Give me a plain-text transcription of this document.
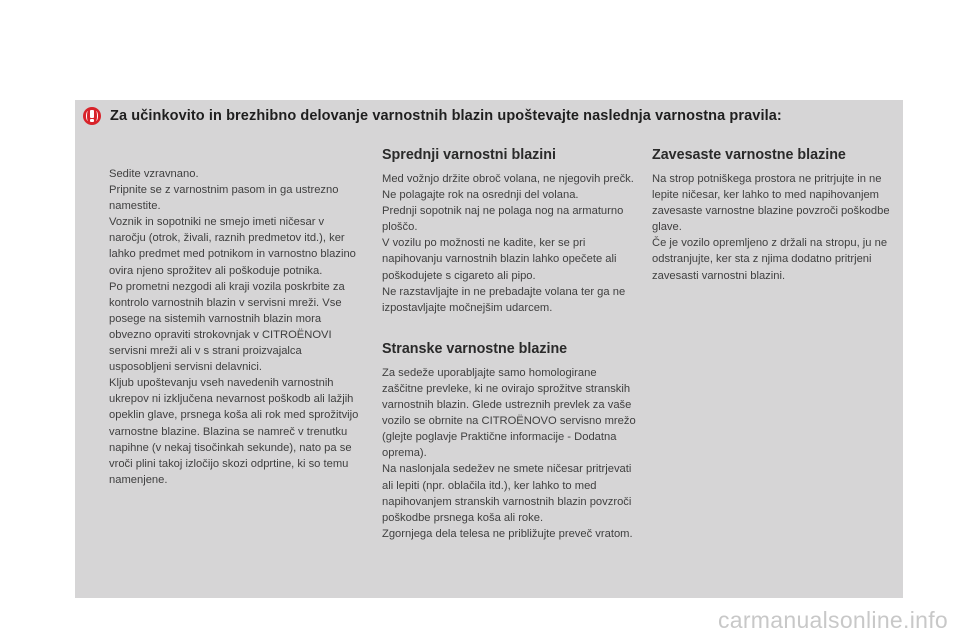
Za učinkovito in brezhibno delovanje varnostnih blazin upoštevajte naslednja varnostna pravila:

Sedite vzravnano.

Pripnite se z varnostnim pasom in ga ustrezno namestite.

Voznik in sopotniki ne smejo imeti ničesar v naročju (otrok, živali, raznih predmetov itd.), ker lahko predmet med potnikom in varnostno blazino ovira njeno sprožitev ali poškoduje potnika.

Po prometni nezgodi ali kraji vozila poskrbite za kontrolo varnostnih blazin v servisni mreži. Vse posege na sistemih varnostnih blazin mora obvezno opraviti strokovnjak v CITROËNOVI servisni mreži ali v s strani proizvajalca usposobljeni servisni delavnici.

Kljub upoštevanju vseh navedenih varnostnih ukrepov ni izključena nevarnost poškodb ali lažjih opeklin glave, prsnega koša ali rok med sprožitvijo varnostne blazine. Blazina se namreč v trenutku napihne (v nekaj tisočinkah sekunde), nato pa se vroči plini takoj izločijo skozi odprtine, ki so temu namenjene.

Sprednji varnostni blazini

Med vožnjo držite obroč volana, ne njegovih prečk. Ne polagajte rok na osrednji del volana.

Prednji sopotnik naj ne polaga nog na armaturno ploščo.

V vozilu po možnosti ne kadite, ker se pri napihovanju varnostnih blazin lahko opečete ali poškodujete s cigareto ali pipo.

Ne razstavljajte in ne prebadajte volana ter ga ne izpostavljajte močnejšim udarcem.

Stranske varnostne blazine

Za sedeže uporabljajte samo homologirane zaščitne prevleke, ki ne ovirajo sprožitve stranskih varnostnih blazin. Glede ustreznih prevlek za vaše vozilo se obrnite na CITROËNOVO servisno mrežo (glejte poglavje Praktične informacije - Dodatna oprema).

Na naslonjala sedežev ne smete ničesar pritrjevati ali lepiti (npr. oblačila itd.), ker lahko to med napihovanjem stranskih varnostnih blazin povzroči poškodbe prsnega koša ali roke.

Zgornjega dela telesa ne približujte preveč vratom.

Zavesaste varnostne blazine

Na strop potniškega prostora ne pritrjujte in ne lepite ničesar, ker lahko to med napihovanjem zavesaste varnostne blazine povzroči poškodbe glave.

Če je vozilo opremljeno z držali na stropu, ju ne odstranjujte, ker sta z njima dodatno pritrjeni zavesasti varnostni blazini.

carmanualsonline.info
